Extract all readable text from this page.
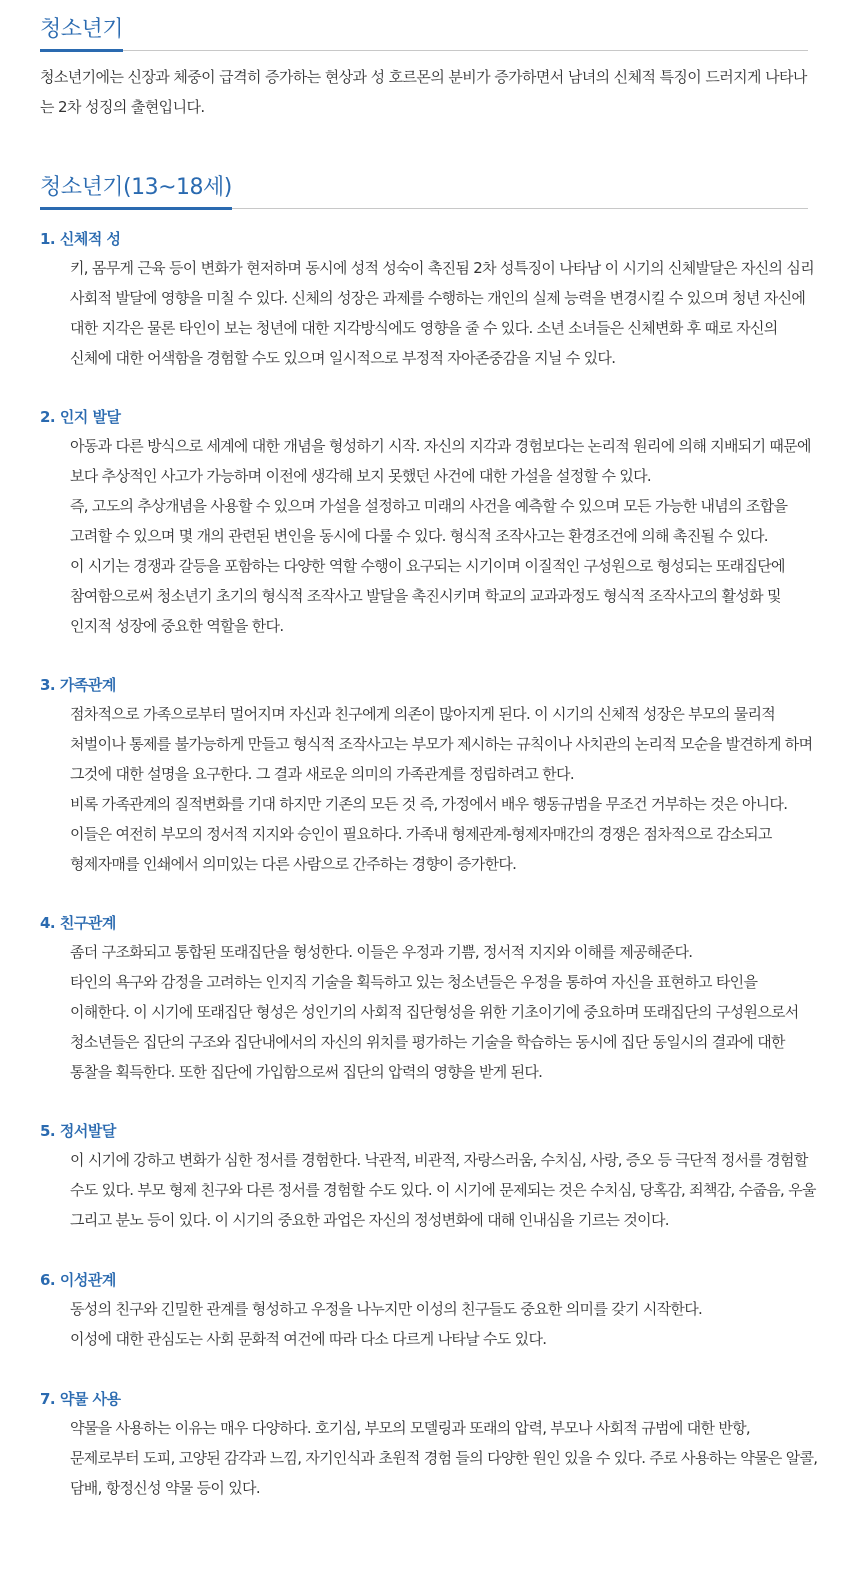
청소년기

청소년기에는 신장과 체중이 급격히 증가하는 현상과 성 호르몬의 분비가 증가하면서 남녀의 신체적 특징이 드러지게 나타나는 2차 성징의 출현입니다.

청소년기(13~18세)
1. 신체적 성

키, 몸무게 근육 등이 변화가 현저하며 동시에 성적 성숙이 촉진됨 2차 성특징이 나타남 이 시기의 신체발달은 자신의 심리 사회적 발달에 영향을 미칠 수 있다. 신체의 성장은 과제를 수행하는 개인의 실제 능력을 변경시킬 수 있으며 청년 자신에 대한 지각은 물론 타인이 보는 청년에 대한 지각방식에도 영향을 줄 수 있다. 소년 소녀들은 신체변화 후 때로 자신의 신체에 대한 어색함을 경험할 수도 있으며 일시적으로 부정적 자아존중감을 지닐 수 있다.

2. 인지 발달

아동과 다른 방식으로 세계에 대한 개념을 형성하기 시작. 자신의 지각과 경험보다는 논리적 원리에 의해 지배되기 때문에 보다 추상적인 사고가 가능하며 이전에 생각해 보지 못했던 사건에 대한 가설을 설정할 수 있다.

즉, 고도의 추상개념을 사용할 수 있으며 가설을 설정하고 미래의 사건을 예측할 수 있으며 모든 가능한 내념의 조합을 고려할 수 있으며 몇 개의 관련된 변인을 동시에 다룰 수 있다. 형식적 조작사고는 환경조건에 의해 촉진될 수 있다.

이 시기는 경쟁과 갈등을 포함하는 다양한 역할 수행이 요구되는 시기이며 이질적인 구성원으로 형성되는 또래집단에 참여함으로써 청소년기 초기의 형식적 조작사고 발달을 촉진시키며 학교의 교과과정도 형식적 조작사고의 활성화 및 인지적 성장에 중요한 역할을 한다.

3. 가족관계

점차적으로 가족으로부터 멀어지며 자신과 친구에게 의존이 많아지게 된다. 이 시기의 신체적 성장은 부모의 물리적 처벌이나 통제를 불가능하게 만들고 형식적 조작사고는 부모가 제시하는 규칙이나 사치관의 논리적 모순을 발견하게 하며 그것에 대한 설명을 요구한다. 그 결과 새로운 의미의 가족관계를 정립하려고 한다.

비록 가족관계의 질적변화를 기대 하지만 기존의 모든 것 즉, 가정에서 배우 행동규범을 무조건 거부하는 것은 아니다. 이들은 여전히 부모의 정서적 지지와 승인이 필요하다. 가족내 형제관계-형제자매간의 경쟁은 점차적으로 감소되고 형제자매를 인쇄에서 의미있는 다른 사람으로 간주하는 경향이 증가한다.

4. 친구관계

좀더 구조화되고 통합된 또래집단을 형성한다. 이들은 우정과 기쁨, 정서적 지지와 이해를 제공해준다.

타인의 욕구와 감정을 고려하는 인지직 기술을 획득하고 있는 청소년들은 우정을 통하여 자신을 표현하고 타인을 이해한다. 이 시기에 또래집단 형성은 성인기의 사회적 집단형성을 위한 기초이기에 중요하며 또래집단의 구성원으로서 청소년들은 집단의 구조와 집단내에서의 자신의 위치를 평가하는 기술을 학습하는 동시에 집단 동일시의 결과에 대한 통찰을 획득한다. 또한 집단에 가입함으로써 집단의 압력의 영향을 받게 된다.

5. 정서발달

이 시기에 강하고 변화가 심한 정서를 경험한다. 낙관적, 비관적, 자랑스러움, 수치심, 사랑, 증오 등 극단적 정서를 경험할 수도 있다. 부모 형제 친구와 다른 정서를 경험할 수도 있다. 이 시기에 문제되는 것은 수치심, 당혹감, 죄책감, 수줍음, 우울 그리고 분노 등이 있다. 이 시기의 중요한 과업은 자신의 정성변화에 대해 인내심을 기르는 것이다.

6. 이성관계

동성의 친구와 긴밀한 관계를 형성하고 우정을 나누지만 이성의 친구들도 중요한 의미를 갖기 시작한다.

이성에 대한 관심도는 사회 문화적 여건에 따라 다소 다르게 나타날 수도 있다.

7. 약물 사용

약물을 사용하는 이유는 매우 다양하다. 호기심, 부모의 모델링과 또래의 압력, 부모나 사회적 규범에 대한 반항, 문제로부터 도피, 고양된 감각과 느낌, 자기인식과 초원적 경험 들의 다양한 원인 있을 수 있다. 주로 사용하는 약물은 알콜, 담배, 항정신성 약물 등이 있다.
